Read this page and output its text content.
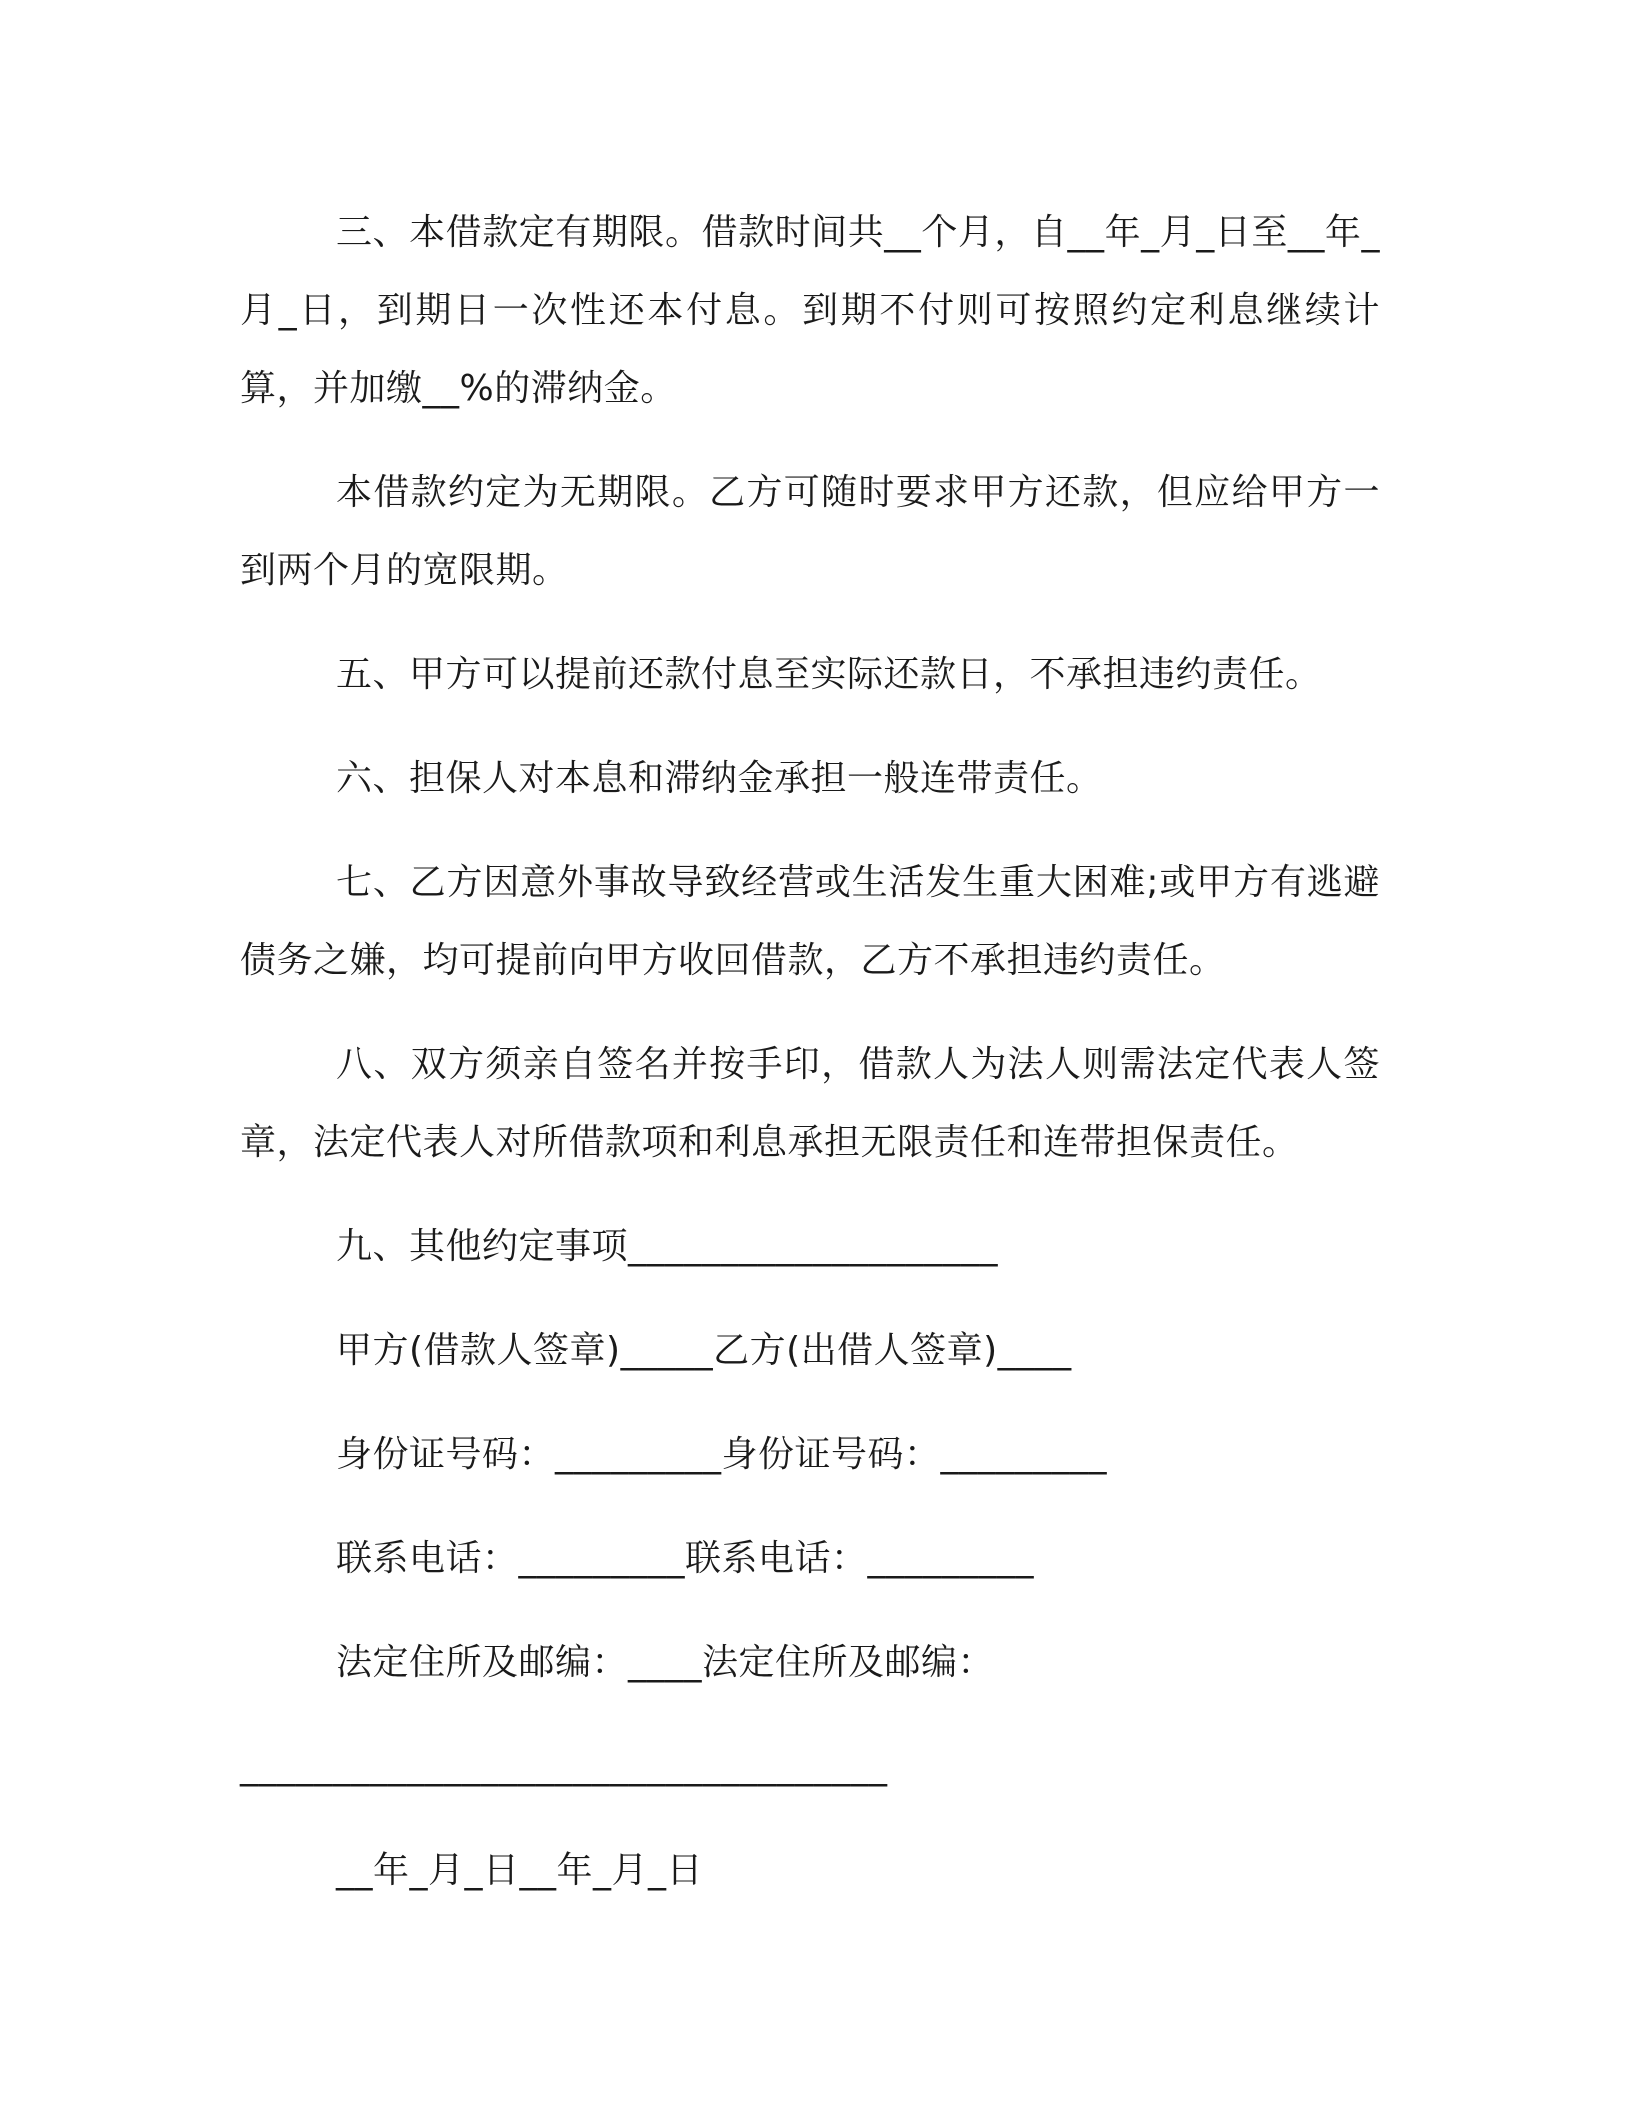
三、本借款定有期限。借款时间共__个月，自__年_月_日至__年_月_日，到期日一次性还本付息。到期不付则可按照约定利息继续计算，并加缴__%的滞纳金。

本借款约定为无期限。乙方可随时要求甲方还款，但应给甲方一到两个月的宽限期。

五、甲方可以提前还款付息至实际还款日，不承担违约责任。

六、担保人对本息和滞纳金承担一般连带责任。

七、乙方因意外事故导致经营或生活发生重大困难;或甲方有逃避债务之嫌，均可提前向甲方收回借款，乙方不承担违约责任。

八、双方须亲自签名并按手印，借款人为法人则需法定代表人签章，法定代表人对所借款项和利息承担无限责任和连带担保责任。

九、其他约定事项____________________

甲方(借款人签章)_____乙方(出借人签章)____

身份证号码：_________身份证号码：_________

联系电话：_________联系电话：_________

法定住所及邮编：____法定住所及邮编：

___________________________________

__年_月_日__年_月_日
